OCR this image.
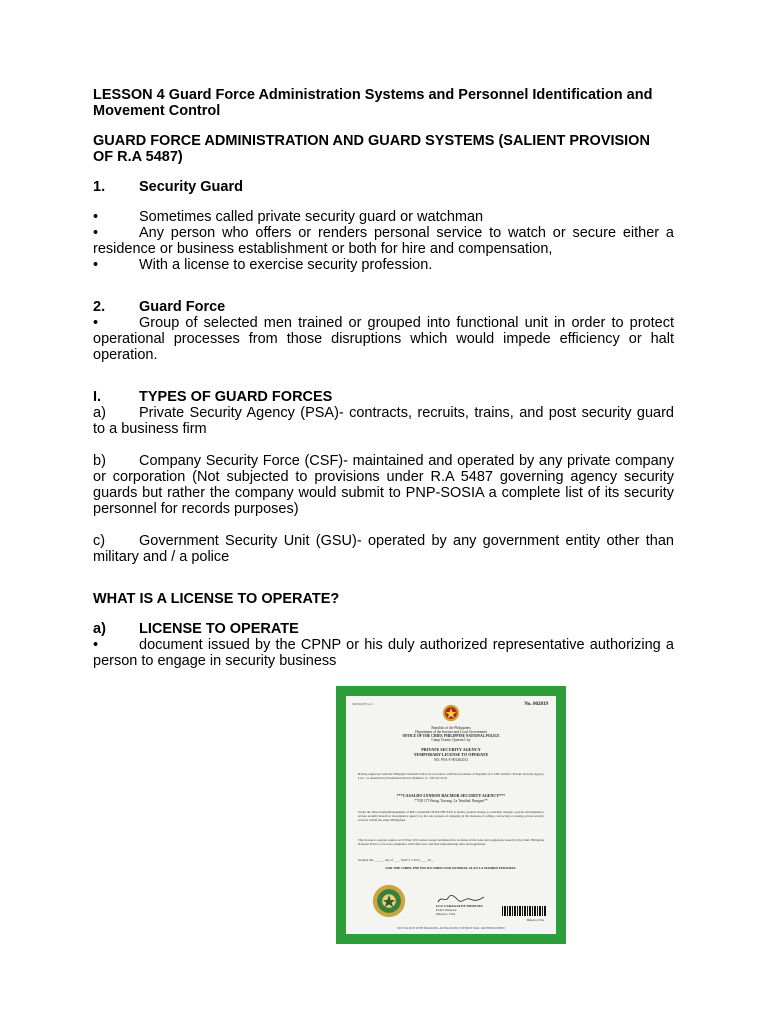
LESSON 4 Guard Force Administration Systems and Personnel Identification and Movement Control

GUARD FORCE ADMINISTRATION AND GUARD SYSTEMS (SALIENT PROVISION OF R.A 5487)

1. Security Guard

•	Sometimes called private security guard or watchman

•	Any person who offers or renders personal service to watch or secure either a residence or business establishment or both for hire and compensation,

•	With a license to exercise security profession.

2. Guard Force

•	Group of selected men trained or grouped into functional unit in order to protect operational processes from those disruptions which would impede efficiency or halt operation.

I.	TYPES OF GUARD FORCES

a) Private Security Agency (PSA)- contracts, recruits, trains, and post security guard to a business firm

b) Company Security Force (CSF)- maintained and operated by any private company or corporation (Not subjected to provisions under R.A 5487 governing agency security guards but rather the company would submit to PNP-SOSIA a complete list of its security personnel for records purposes)

c) Government Security Unit (GSU)- operated by any government entity other than military and / a police

WHAT IS A LICENSE TO OPERATE?

a) LICENSE TO OPERATE

•	document issued by the CPNP or his duly authorized representative authorizing a person to engage in security business

ORSD(DV)-11	No. 002819
Republic of the Philippines
Department of the Interior and Local Government
OFFICE OF THE CHIEF, PHILIPPINE NATIONAL POLICE
Camp Crame, Quezon City
PRIVATE SECURITY AGENCY
TEMPORARY LICENSE TO OPERATE
NO. PSA-T-001462013
Having registered with the Philippine National Police in accordance with the provisions of Republic Act 5487 entitled "Private Security Agency Law", as amended by Presidential Decree Numbers 11, 100 and 1919,
***CASALDO LYNDON BACMOR SECURITY AGENCY***
**OD 171 Betag, Tawang, La Trinidad, Benguet**
Under the Directorship/Management of MR CASALDO M BACHUYAN is hereby granted license to establish, manage, operate and maintain a private security/detective/ investigative agency for the sole purpose of engaging in the business of selling, contracting or leasing private security services within the entire Philippines.
This license to operate expires on 03 May 2015 unless sooner terminated for violation of the rules and regulations issued by the Chief, Philippine National Police or for non-compliance with other laws and their implementing rules and regulations.
Granted this ______ day of ____ MAY 0 3 2013 ____ 20__
FOR THE CHIEF, PNP POLICE DIRECTOR GENERAL ALAN LA MADRID PURISIMA:
LUZ CARAGAYOT MENESES
Police Director
Director, CSG
Director, CSG
NOT VALID IF WITH ERASURES, ALTERATIONS, WITHOUT SEAL OR PHOTOCOPIED
